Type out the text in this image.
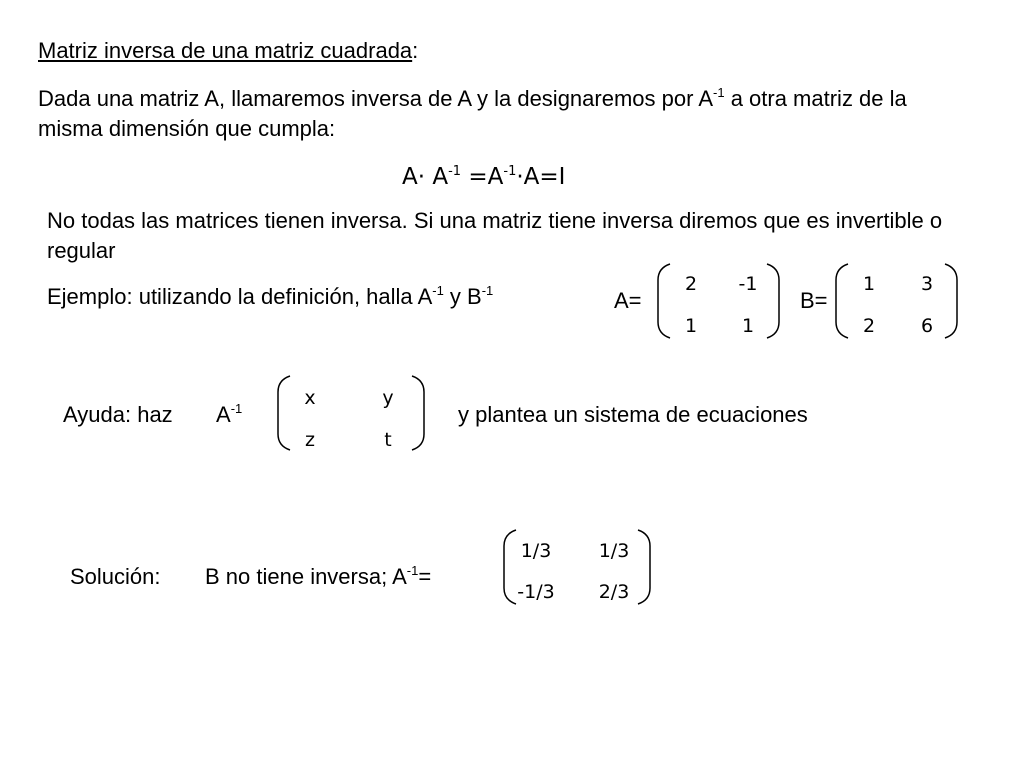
Matriz inversa de una matriz cuadrada:
Dada una matriz A, llamaremos inversa de A y la designaremos por $A^{-1}$ a otra matriz de la misma dimensión que cumpla:
$A\cdot A^{-1} =A^{-1}\cdot A=I$
No todas las matrices tienen inversa. Si una matriz tiene inversa diremos que es invertible o regular
Ejemplo: utilizando la definición, halla $A^{-1}$ y $B^{-1}$	A=
2	-1
1	1
B=
1	3
2	6
Ayuda: haz $A^{-1}$	x	y
z	t
y plantea un sistema de ecuaciones
Solución: B no tiene inversa; $A^{-1}=$
1/3	1/3
-1/3	2/3
